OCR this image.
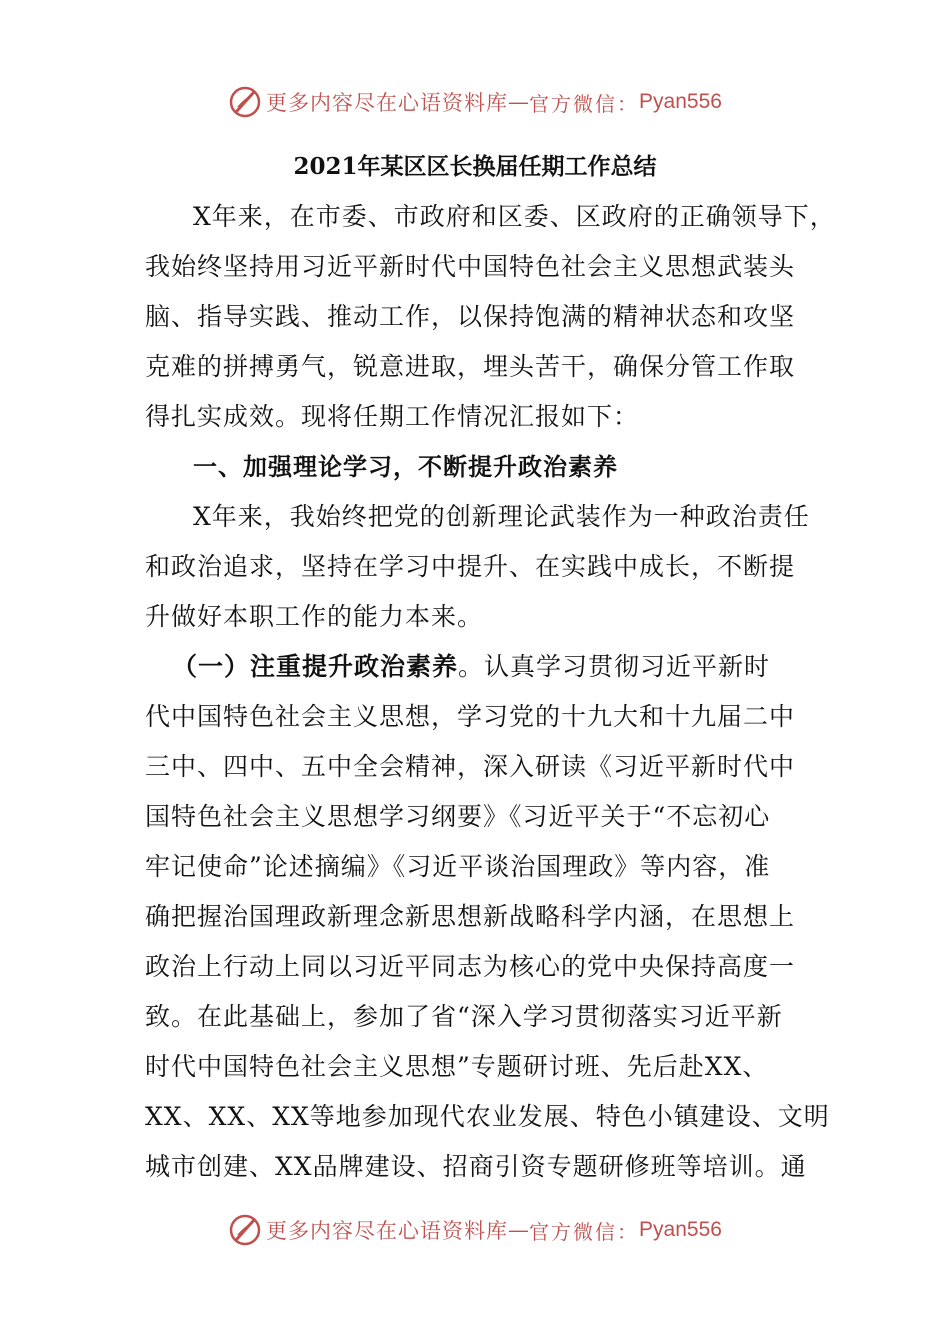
更多内容尽在心语资料库 — 官方微信： Pyan556
2021年某区区长换届任期工作总结
X年来，在市委、市政府和区委、区政府的正确领导下，
我始终坚持用习近平新时代中国特色社会主义思想武装头
脑、指导实践、推动工作，以保持饱满的精神状态和攻坚
克难的拼搏勇气，锐意进取，埋头苦干，确保分管工作取
得扎实成效。现将任期工作情况汇报如下：
一、加强理论学习，不断提升政治素养
X年来，我始终把党的创新理论武装作为一种政治责任
和政治追求，坚持在学习中提升、在实践中成长，不断提
升做好本职工作的能力本来。
（一）注重提升政治素养。认真学习贯彻习近平新时
代中国特色社会主义思想，学习党的十九大和十九届二中
三中、四中、五中全会精神，深入研读《习近平新时代中
国特色社会主义思想学习纲要》《习近平关于“不忘初心
牢记使命”论述摘编》《习近平谈治国理政》等内容，准
确把握治国理政新理念新思想新战略科学内涵，在思想上
政治上行动上同以习近平同志为核心的党中央保持高度一
致。在此基础上，参加了省“深入学习贯彻落实习近平新
时代中国特色社会主义思想”专题研讨班、先后赴XX、
XX、XX、XX等地参加现代农业发展、特色小镇建设、文明
城市创建、XX品牌建设、招商引资专题研修班等培训。通
更多内容尽在心语资料库 — 官方微信： Pyan556
